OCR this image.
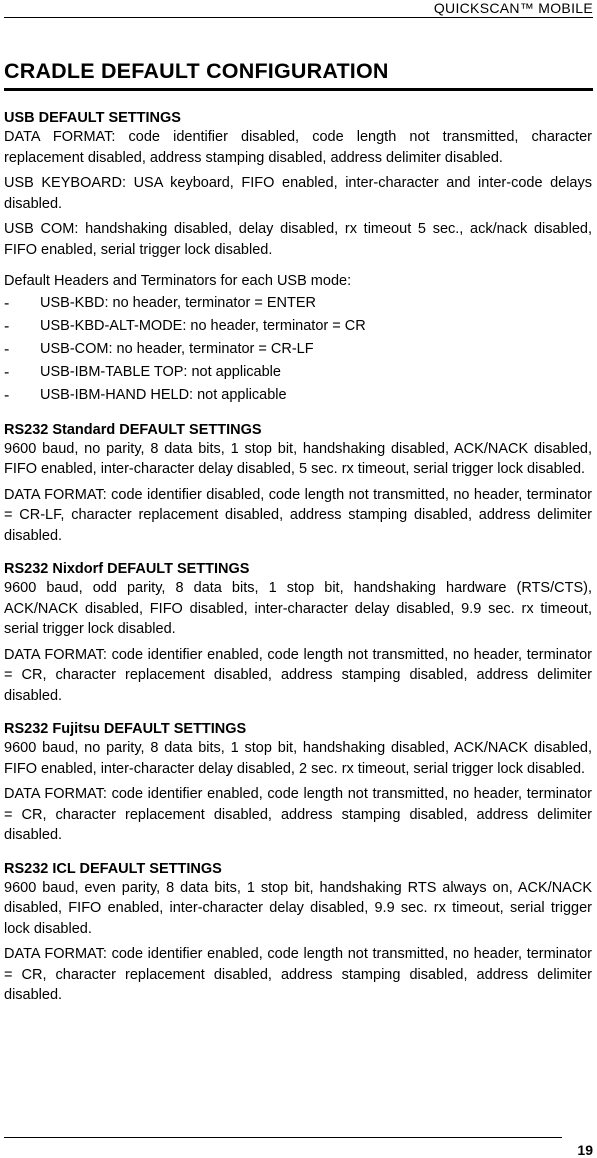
QUICKSCAN™ MOBILE
CRADLE DEFAULT CONFIGURATION

USB DEFAULT SETTINGS

DATA FORMAT: code identifier disabled, code length not transmitted, character replacement disabled, address stamping disabled, address delimiter disabled.

USB KEYBOARD: USA keyboard, FIFO enabled, inter-character and inter-code delays disabled.

USB COM: handshaking disabled, delay disabled, rx timeout 5 sec., ack/nack disabled, FIFO enabled, serial trigger lock disabled.

Default Headers and Terminators for each USB mode:

- USB-KBD: no header, terminator = ENTER
- USB-KBD-ALT-MODE: no header, terminator = CR
- USB-COM: no header, terminator = CR-LF
- USB-IBM-TABLE TOP: not applicable
- USB-IBM-HAND HELD: not applicable

RS232 Standard DEFAULT SETTINGS

9600 baud, no parity, 8 data bits, 1 stop bit, handshaking disabled, ACK/NACK disabled, FIFO enabled, inter-character delay disabled, 5 sec. rx timeout, serial trigger lock disabled.

DATA FORMAT: code identifier disabled, code length not transmitted, no header, terminator = CR-LF, character replacement disabled, address stamping disabled, address delimiter disabled.

RS232 Nixdorf DEFAULT SETTINGS

9600 baud, odd parity, 8 data bits, 1 stop bit, handshaking hardware (RTS/CTS), ACK/NACK disabled, FIFO disabled, inter-character delay disabled, 9.9 sec. rx timeout, serial trigger lock disabled.

DATA FORMAT: code identifier enabled, code length not transmitted, no header, terminator = CR, character replacement disabled, address stamping disabled, address delimiter disabled.

RS232 Fujitsu DEFAULT SETTINGS

9600 baud, no parity, 8 data bits, 1 stop bit, handshaking disabled, ACK/NACK disabled, FIFO enabled, inter-character delay disabled, 2 sec. rx timeout, serial trigger lock disabled.

DATA FORMAT: code identifier enabled, code length not transmitted, no header, terminator = CR, character replacement disabled, address stamping disabled, address delimiter disabled.

RS232 ICL DEFAULT SETTINGS

9600 baud, even parity, 8 data bits, 1 stop bit, handshaking RTS always on, ACK/NACK disabled, FIFO enabled, inter-character delay disabled, 9.9 sec. rx timeout, serial trigger lock disabled.

DATA FORMAT: code identifier enabled, code length not transmitted, no header, terminator = CR, character replacement disabled, address stamping disabled, address delimiter disabled.

19
